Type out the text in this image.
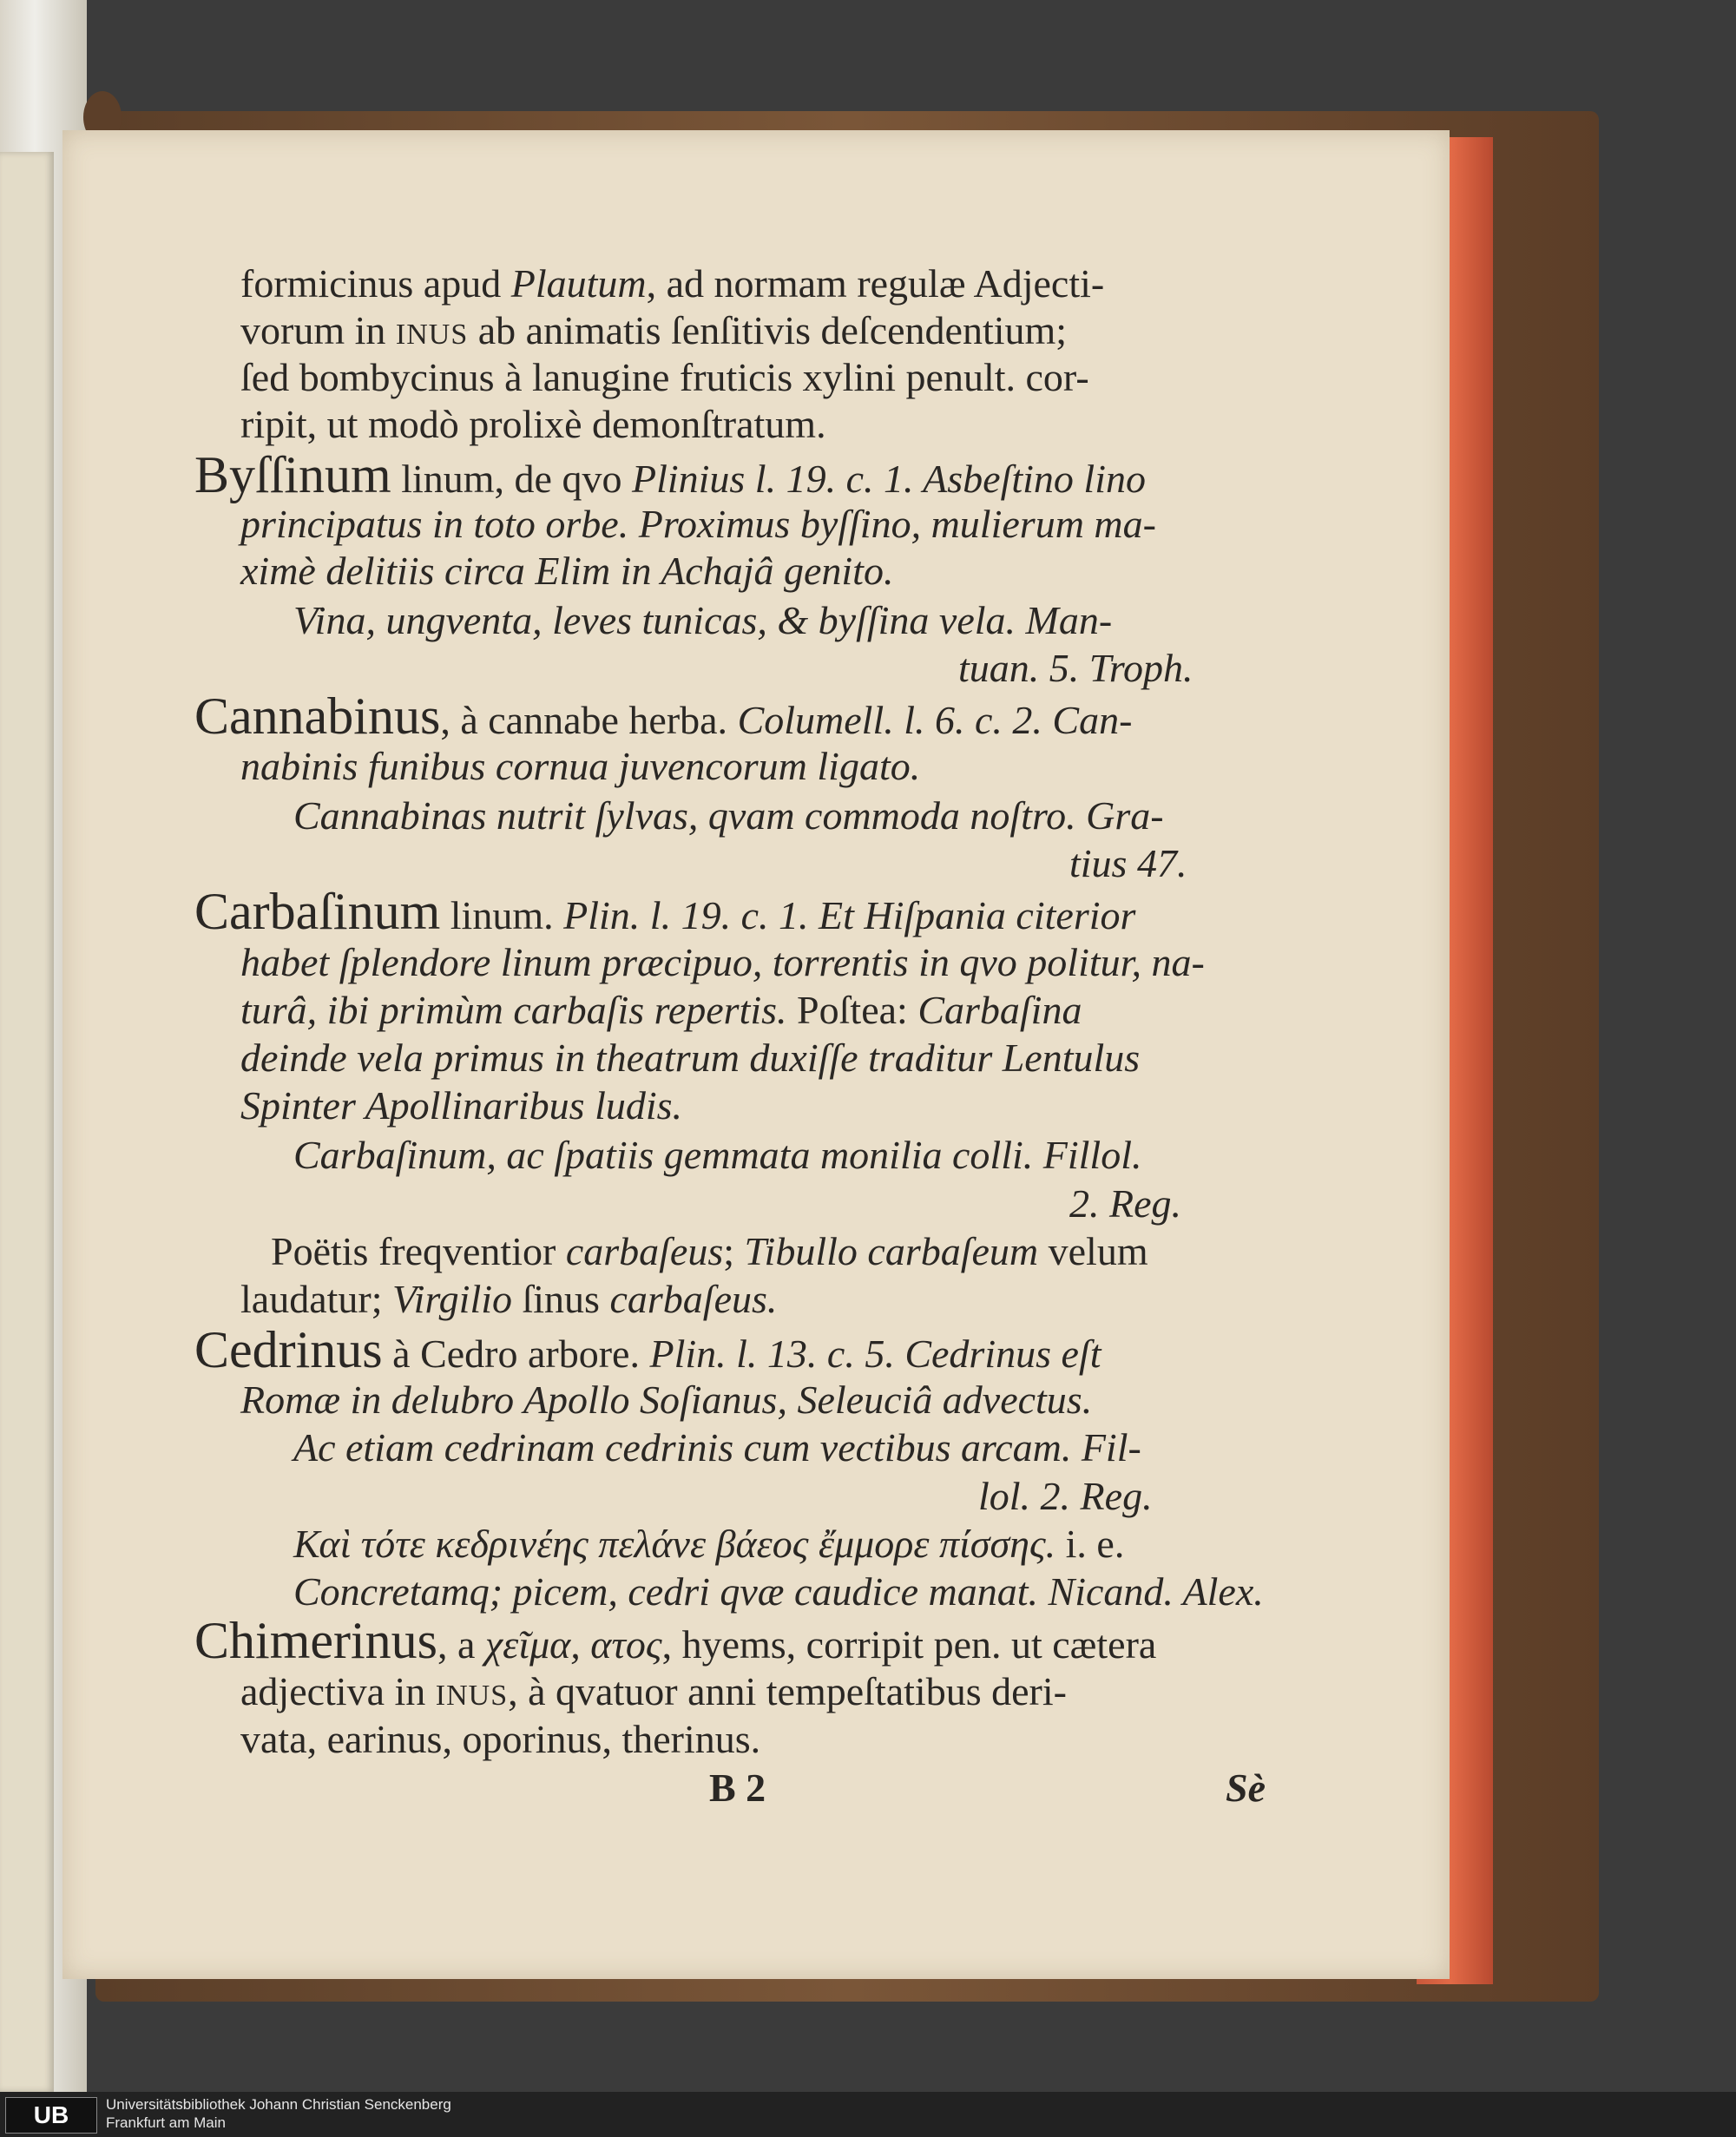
formicinus apud Plautum, ad normam regulæ Adjecti-
vorum in INUS ab animatis ſenſitivis deſcendentium;
ſed bombycinus à lanugine fruticis xylini penult. cor-
ripit, ut modò prolixè demonſtratum.
Byſſinum linum, de qvo Plinius l. 19. c. 1. Asbeſtino lino
principatus in toto orbe. Proximus byſſino, mulierum ma-
ximè delitiis circa Elim in Achajâ genito.
Vina, ungventa, leves tunicas, & byſſina vela. Man-
tuan. 5. Troph.
Cannabinus, à cannabe herba. Columell. l. 6. c. 2. Can-
nabinis funibus cornua juvencorum ligato.
Cannabinas nutrit ſylvas, qvam commoda noſtro. Gra-
tius 47.
Carbaſinum linum. Plin. l. 19. c. 1. Et Hiſpania citerior
habet ſplendore linum præcipuo, torrentis in qvo politur, na-
turâ, ibi primùm carbaſis repertis. Poſtea: Carbaſina
deinde vela primus in theatrum duxiſſe traditur Lentulus
Spinter Apollinaribus ludis.
Carbaſinum, ac ſpatiis gemmata monilia colli. Fillol.
2. Reg.
Poëtis freqventior carbaſeus; Tibullo carbaſeum velum
laudatur; Virgilio ſinus carbaſeus.
Cedrinus à Cedro arbore. Plin. l. 13. c. 5. Cedrinus eſt
Romæ in delubro Apollo Soſianus, Seleuciâ advectus.
Ac etiam cedrinam cedrinis cum vectibus arcam. Fil-
lol. 2. Reg.
Καὶ τότε κεδρινέης πελάνε βάεος ἔμμορε πίσσης. i. e.
Concretamq; picem, cedri qvæ caudice manat. Nicand. Alex.
Chimerinus, a χεῖμα, ατος, hyems, corripit pen. ut cætera
adjectiva in INUS, à qvatuor anni tempeſtatibus deri-
vata, earinus, oporinus, therinus.
B 2	Sè
UB	Universitätsbibliothek Johann Christian Senckenberg
Frankfurt am Main
